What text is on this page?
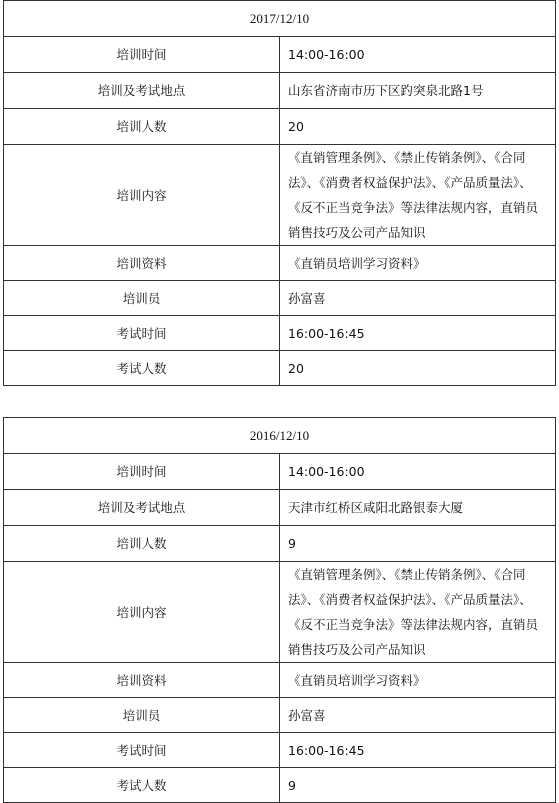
2017/12/10	
培训时间	14:00-16:00
培训及考试地点	山东省济南市历下区趵突泉北路1号
培训人数	20
培训内容	《直销管理条例》、《禁止传销条例》、《合同法》、《消费者权益保护法》、《产品质量法》、《反不正当竞争法》等法律法规内容，直销员销售技巧及公司产品知识
培训资料	《直销员培训学习资料》
培训员	孙富喜
考试时间	16:00-16:45
考试人数	20
2016/12/10	
培训时间	14:00-16:00
培训及考试地点	天津市红桥区咸阳北路银泰大厦
培训人数	9
培训内容	《直销管理条例》、《禁止传销条例》、《合同法》、《消费者权益保护法》、《产品质量法》、《反不正当竞争法》等法律法规内容，直销员销售技巧及公司产品知识
培训资料	《直销员培训学习资料》
培训员	孙富喜
考试时间	16:00-16:45
考试人数	9
